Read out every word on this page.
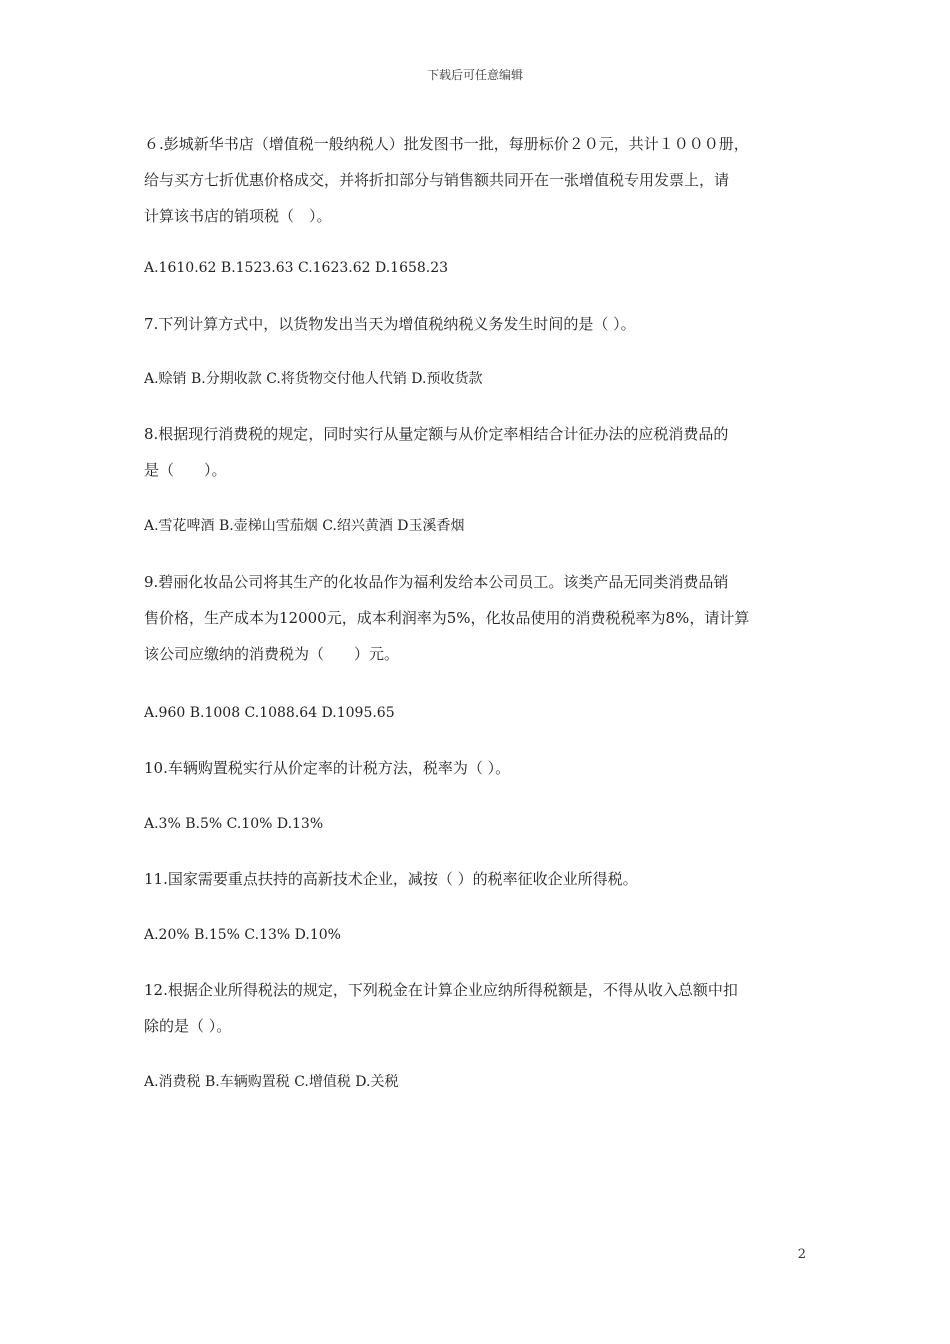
下载后可任意编辑
６.彭城新华书店（增值税一般纳税人）批发图书一批，每册标价２０元，共计１０００册，
给与买方七折优惠价格成交，并将折扣部分与销售额共同开在一张增值税专用发票上，请
计算该书店的销项税（　）。
A.1610.62 B.1523.63 C.1623.62 D.1658.23
7.下列计算方式中，以货物发出当天为增值税纳税义务发生时间的是（ ）。
A.赊销 B.分期收款 C.将货物交付他人代销 D.预收货款
8.根据现行消费税的规定，同时实行从量定额与从价定率相结合计征办法的应税消费品的
是（　　）。
A.雪花啤酒 B.壶梯山雪茄烟 C.绍兴黄酒 D玉溪香烟
9.碧丽化妆品公司将其生产的化妆品作为福利发给本公司员工。该类产品无同类消费品销
售价格，生产成本为12000元，成本利润率为5%，化妆品使用的消费税税率为8%，请计算
该公司应缴纳的消费税为（　　）元。
A.960 B.1008 C.1088.64 D.1095.65
10.车辆购置税实行从价定率的计税方法，税率为（ ）。
A.3% B.5% C.10% D.13%
11.国家需要重点扶持的高新技术企业，减按（ ）的税率征收企业所得税。
A.20% B.15% C.13% D.10%
12.根据企业所得税法的规定，下列税金在计算企业应纳所得税额是，不得从收入总额中扣
除的是（ ）。
A.消费税 B.车辆购置税 C.增值税 D.关税
2
